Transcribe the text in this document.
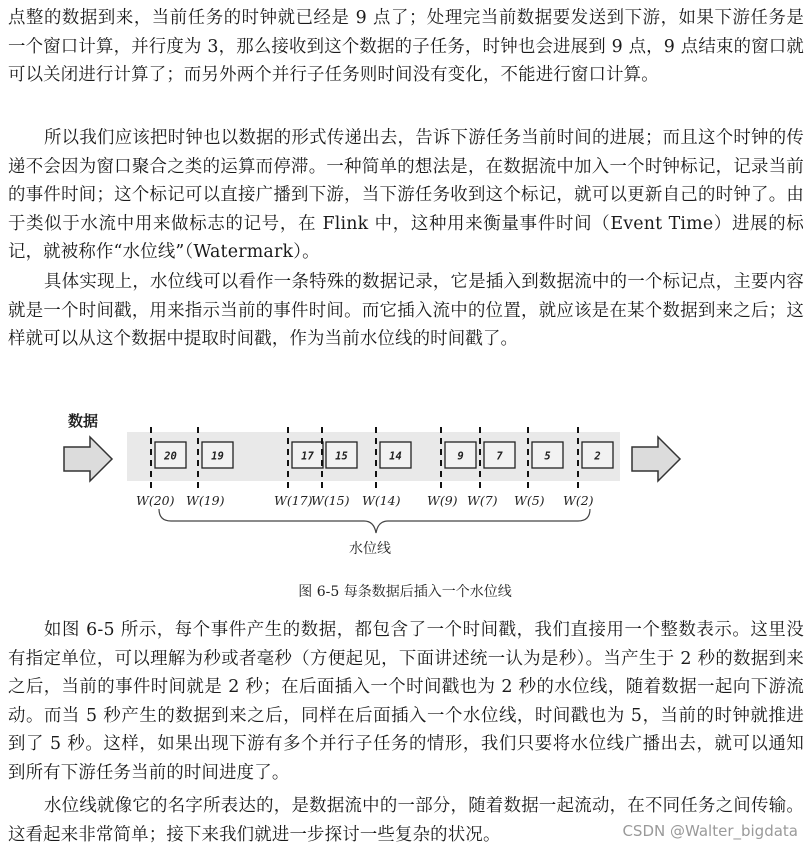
点整的数据到来，当前任务的时钟就已经是 9 点了；处理完当前数据要发送到下游，如果下游任务是一个窗口计算，并行度为 3，那么接收到这个数据的子任务，时钟也会进展到 9 点，9 点结束的窗口就可以关闭进行计算了；而另外两个并行子任务则时间没有变化，不能进行窗口计算。

所以我们应该把时钟也以数据的形式传递出去，告诉下游任务当前时间的进展；而且这个时钟的传递不会因为窗口聚合之类的运算而停滞。一种简单的想法是，在数据流中加入一个时钟标记，记录当前的事件时间；这个标记可以直接广播到下游，当下游任务收到这个标记，就可以更新自己的时钟了。由于类似于水流中用来做标志的记号，在 Flink 中，这种用来衡量事件时间（Event Time）进展的标记，就被称作“水位线”（Watermark）。

具体实现上，水位线可以看作一条特殊的数据记录，它是插入到数据流中的一个标记点，主要内容就是一个时间戳，用来指示当前的事件时间。而它插入流中的位置，就应该是在某个数据到来之后；这样就可以从这个数据中提取时间戳，作为当前水位线的时间戳了。

数据
20
W(20)
19
W(19)
17
W(17)
15
W(15)
14
W(14)
9
W(9)
7
W(7)
5
W(5)
2
W(2)
水位线
图 6-5 每条数据后插入一个水位线

如图 6-5 所示，每个事件产生的数据，都包含了一个时间戳，我们直接用一个整数表示。这里没有指定单位，可以理解为秒或者毫秒（方便起见，下面讲述统一认为是秒）。当产生于 2 秒的数据到来之后，当前的事件时间就是 2 秒；在后面插入一个时间戳也为 2 秒的水位线，随着数据一起向下游流动。而当 5 秒产生的数据到来之后，同样在后面插入一个水位线，时间戳也为 5，当前的时钟就推进到了 5 秒。这样，如果出现下游有多个并行子任务的情形，我们只要将水位线广播出去，就可以通知到所有下游任务当前的时间进度了。

水位线就像它的名字所表达的，是数据流中的一部分，随着数据一起流动，在不同任务之间传输。这看起来非常简单；接下来我们就进一步探讨一些复杂的状况。	CSDN @Walter_bigdata
